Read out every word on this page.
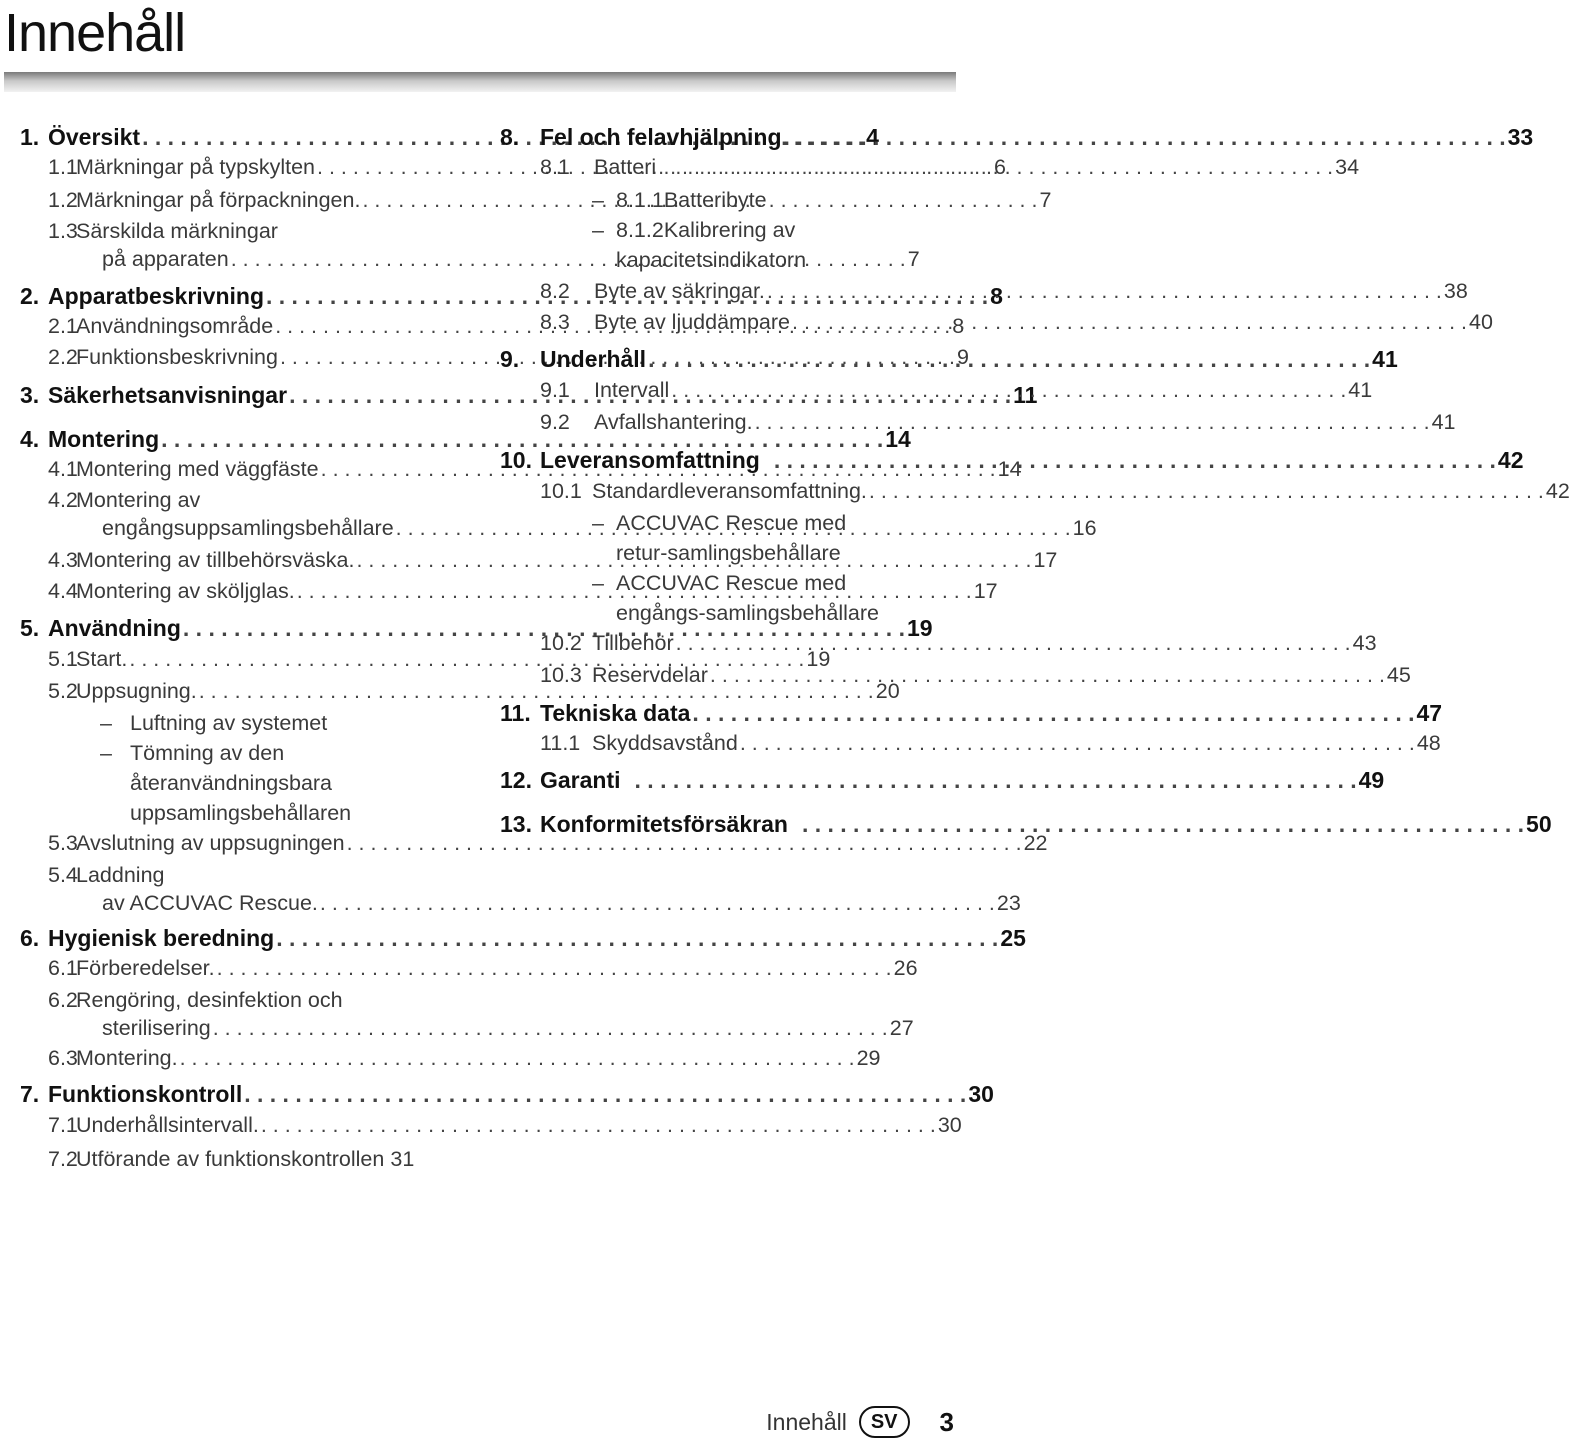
Innehåll
1. Översikt . . .	4
1.1
Märkningar på typskylten . . .	6
1.2
Märkningar på förpackningen. . . .	7
1.3
Särskilda märkningar
på apparaten . . .	7
2. Apparatbeskrivning . . .	8
2.1
Användningsområde . . .	8
2.2
Funktionsbeskrivning . . .	9
3. Säkerhetsanvisningar . . .	11
4. Montering . . .	14
4.1
Montering med väggfäste . . .	14
4.2
Montering av
engångsuppsamlingsbehållare . . .	16
4.3
Montering av tillbehörsväska. . . .	17
4.4
Montering av sköljglas. . . .	17
5. Användning . . .	19
5.1
Start. . . .	19
5.2
Uppsugning. . . .	20
– Luftning av systemet
– Tömning av den
återanvändningsbara
uppsamlingsbehållaren
5.3
Avslutning av uppsugningen . . .	22
5.4
Laddning
av ACCUVAC Rescue. . . .	23
6. Hygienisk beredning . . .	25
6.1
Förberedelser. . . .	26
6.2
Rengöring, desinfektion och
sterilisering . . .	27
6.3
Montering. . . .	29
7. Funktionskontroll . . .	30
7.1
Underhållsintervall. . . .	30
7.2
Utförande av funktionskontrollen 31
8. Fel och felavhjälpning . . .	33
8.1	Batteri . . .	34
– 8.1.1 Batteribyte
– 8.1.2 Kalibrering av
kapacitetsindikatorn
8.2	Byte av säkringar. . . .	38
8.3	Byte av ljuddämpare . . .	40
9. Underhåll . . .	41
9.1	Intervall . . .	41
9.2	Avfallshantering. . . .	41
10. Leveransomfattning . . .	42
10.1 Standardleveransomfattning. . . .	42
– ACCUVAC Rescue med
retur-samlingsbehållare
– ACCUVAC Rescue med
engångs-samlingsbehållare
10.2 Tillbehör . . .	43
10.3 Reservdelar . . .	45
11. Tekniska data . . .	47
11.1 Skyddsavstånd . . .	48
12. Garanti . . .	49
13. Konformitetsförsäkran . . .	50
Innehåll	SV	3
